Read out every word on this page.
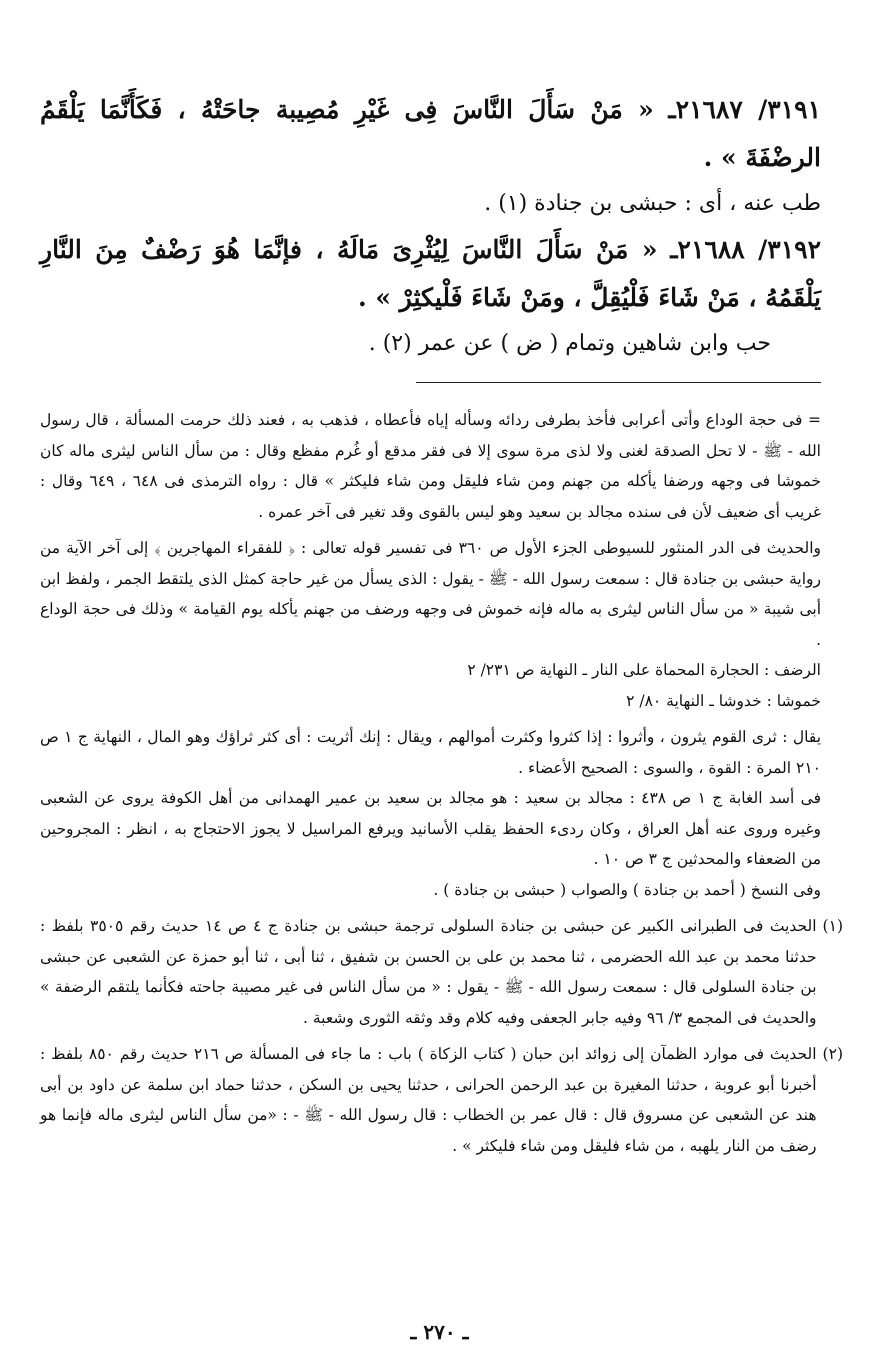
٣١٩١/ ٢١٦٨٧ـ « مَنْ سَأَلَ النَّاسَ فِى غَيْرِ مُصِيبة جاحَتْهُ ، فَكَأَنَّمَا يَلْقَمُ الرضْفَةَ » .

طب عنه ، أى : حبشى بن جنادة (١) .

٣١٩٢/ ٢١٦٨٨ـ « مَنْ سَأَلَ النَّاسَ لِيُثْرِىَ مَالَهُ ، فإنَّمَا هُوَ رَضْفٌ مِنَ النَّارِ يَلْقَمُهُ ، مَنْ شَاءَ فَلْيُقِلَّ ، ومَنْ شَاءَ فَلْيكثِرْ » .

حب وابن شاهين وتمام ( ض ) عن عمر (٢) .

= فى حجة الوداع وأتى أعرابى فأخذ بطرفى ردائه وسأله إياه فأعطاه ، فذهب به ، فعند ذلك حرمت المسألة ، قال رسول الله - ﷺ - لا تحل الصدقة لغنى ولا لذى مرة سوى إلا فى فقر مدقع أو غُرم مفظع وقال : من سأل الناس ليثرى ماله كان خموشا فى وجهه ورضفا يأكله من جهنم ومن شاء فليقل ومن شاء فليكثر » قال : رواه الترمذى فى ٦٤٨ ، ٦٤٩ وقال : غريب أى ضعيف لأن فى سنده مجالد بن سعيد وهو ليس بالقوى وقد تغير فى آخر عمره .

والحديث فى الدر المنثور للسيوطى الجزء الأول ص ٣٦٠ فى تفسير قوله تعالى : ﴿ للفقراء المهاجرين ﴾ إلى آخر الآية من رواية حبشى بن جنادة قال : سمعت رسول الله - ﷺ - يقول : الذى يسأل من غير حاجة كمثل الذى يلتقط الجمر ، ولفظ ابن أبى شيبة « من سأل الناس ليثرى به ماله فإنه خموش فى وجهه ورضف من جهنم يأكله يوم القيامة » وذلك فى حجة الوداع .

الرضف : الحجارة المحماة على النار ـ النهاية ص ٢٣١/ ٢

خموشا : خدوشا ـ النهاية ٨٠/ ٢

يقال : ثرى القوم يثرون ، وأثروا : إذا كثروا وكثرت أموالهم ، ويقال : إنك أثريت : أى كثر ثراؤك وهو المال ، النهاية ج ١ ص ٢١٠ المرة : القوة ، والسوى : الصحيح الأعضاء .

فى أسد الغابة ج ١ ص ٤٣٨ : مجالد بن سعيد : هو مجالد بن سعيد بن عمير الهمدانى من أهل الكوفة يروى عن الشعبى وغيره وروى عنه أهل العراق ، وكان ردىء الحفظ يقلب الأسانيد ويرفع المراسيل لا يجوز الاحتجاج به ، انظر : المجروحين من الضعفاء والمحدثين ج ٣ ص ١٠ .

وفى النسخ ( أحمد بن جنادة ) والصواب ( حبشى بن جنادة ) .

(١)
الحديث فى الطبرانى الكبير عن حبشى بن جنادة السلولى ترجمة حبشى بن جنادة ج ٤ ص ١٤ حديث رقم ٣٥٠٥ بلفظ : حدثنا محمد بن عبد الله الحضرمى ، ثنا محمد بن على بن الحسن بن شفيق ، ثنا أبى ، ثنا أبو حمزة عن الشعبى عن حبشى بن جنادة السلولى قال : سمعت رسول الله - ﷺ - يقول : « من سأل الناس فى غير مصيبة جاحته فكأنما يلتقم الرضفة » والحديث فى المجمع ٣/ ٩٦ وفيه جابر الجعفى وفيه كلام وقد وثقه الثورى وشعبة .
(٢)
الحديث فى موارد الظمآن إلى زوائد ابن حبان ( كتاب الزكاة ) باب : ما جاء فى المسألة ص ٢١٦ حديث رقم ٨٥٠ بلفظ : أخبرنا أبو عروبة ، حدثنا المغيرة بن عبد الرحمن الحرانى ، حدثنا يحيى بن السكن ، حدثنا حماد ابن سلمة عن داود بن أبى هند عن الشعبى عن مسروق قال : قال عمر بن الخطاب : قال رسول الله - ﷺ - : «من سأل الناس ليثرى ماله فإنما هو رضف من النار يلهبه ، من شاء فليقل ومن شاء فليكثر » .
ـ ٢٧٠ ـ
